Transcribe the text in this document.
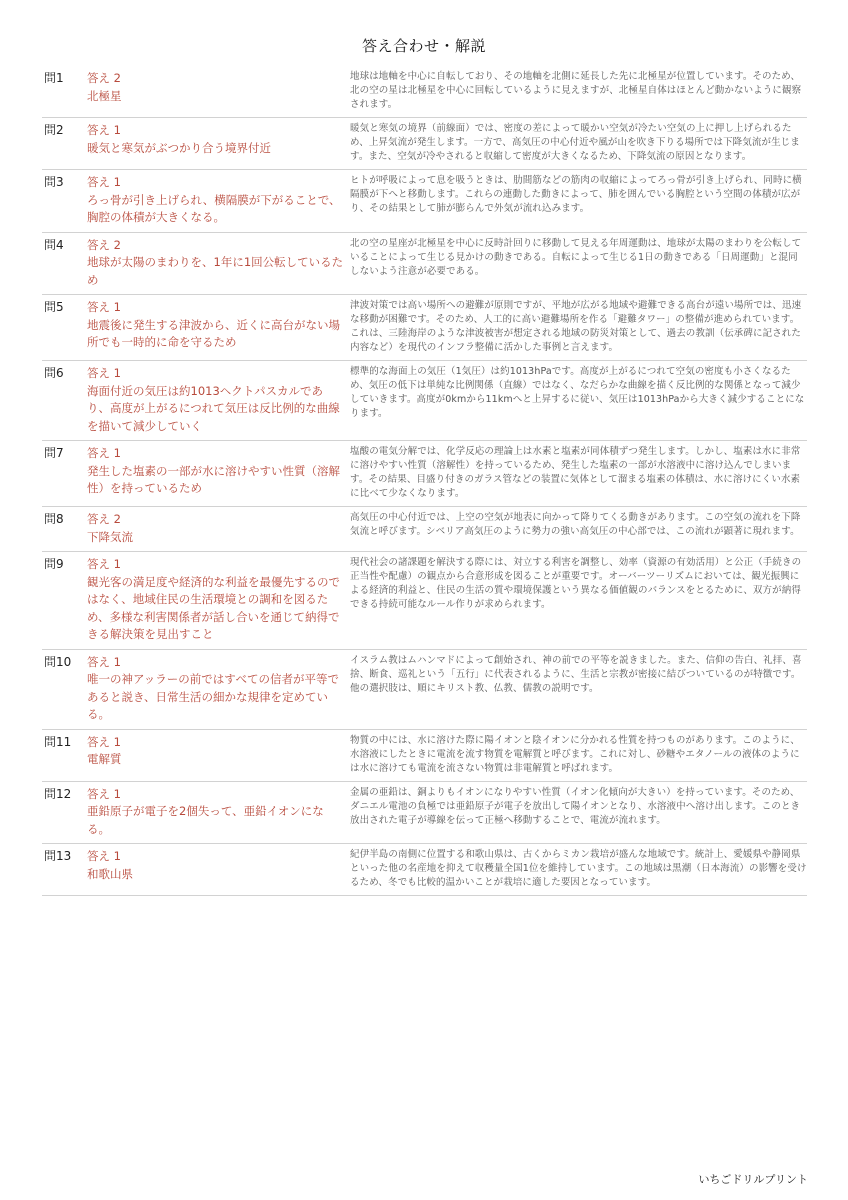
答え合わせ・解説
問1	答え 2
北極星
地球は地軸を中心に自転しており、その地軸を北側に延長した先に北極星が位置しています。そのため、北の空の星は北極星を中心に回転しているように見えますが、北極星自体はほとんど動かないように観察されます。
問2	答え 1
暖気と寒気がぶつかり合う境界付近
暖気と寒気の境界（前線面）では、密度の差によって暖かい空気が冷たい空気の上に押し上げられるため、上昇気流が発生します。一方で、高気圧の中心付近や風が山を吹き下りる場所では下降気流が生じます。また、空気が冷やされると収縮して密度が大きくなるため、下降気流の原因となります。
問3	答え 1
ろっ骨が引き上げられ、横隔膜が下がることで、胸腔の体積が大きくなる。
ヒトが呼吸によって息を吸うときは、肋間筋などの筋肉の収縮によってろっ骨が引き上げられ、同時に横隔膜が下へと移動します。これらの連動した動きによって、肺を囲んでいる胸腔という空間の体積が広がり、その結果として肺が膨らんで外気が流れ込みます。
問4	答え 2
地球が太陽のまわりを、1年に1回公転しているため
北の空の星座が北極星を中心に反時計回りに移動して見える年周運動は、地球が太陽のまわりを公転していることによって生じる見かけの動きである。自転によって生じる1日の動きである「日周運動」と混同しないよう注意が必要である。
問5	答え 1
地震後に発生する津波から、近くに高台がない場所でも一時的に命を守るため
津波対策では高い場所への避難が原則ですが、平地が広がる地域や避難できる高台が遠い場所では、迅速な移動が困難です。そのため、人工的に高い避難場所を作る「避難タワー」の整備が進められています。これは、三陸海岸のような津波被害が想定される地域の防災対策として、過去の教訓（伝承碑に記された内容など）を現代のインフラ整備に活かした事例と言えます。
問6	答え 1
海面付近の気圧は約1013ヘクトパスカルであり、高度が上がるにつれて気圧は反比例的な曲線を描いて減少していく
標準的な海面上の気圧（1気圧）は約1013hPaです。高度が上がるにつれて空気の密度も小さくなるため、気圧の低下は単純な比例関係（直線）ではなく、なだらかな曲線を描く反比例的な関係となって減少していきます。高度が0kmから11kmへと上昇するに従い、気圧は1013hPaから大きく減少することになります。
問7	答え 1
発生した塩素の一部が水に溶けやすい性質（溶解性）を持っているため
塩酸の電気分解では、化学反応の理論上は水素と塩素が同体積ずつ発生します。しかし、塩素は水に非常に溶けやすい性質（溶解性）を持っているため、発生した塩素の一部が水溶液中に溶け込んでしまいます。その結果、目盛り付きのガラス管などの装置に気体として溜まる塩素の体積は、水に溶けにくい水素に比べて少なくなります。
問8	答え 2
下降気流
高気圧の中心付近では、上空の空気が地表に向かって降りてくる動きがあります。この空気の流れを下降気流と呼びます。シベリア高気圧のように勢力の強い高気圧の中心部では、この流れが顕著に現れます。
問9	答え 1
観光客の満足度や経済的な利益を最優先するのではなく、地域住民の生活環境との調和を図るため、多様な利害関係者が話し合いを通じて納得できる解決策を見出すこと
現代社会の諸課題を解決する際には、対立する利害を調整し、効率（資源の有効活用）と公正（手続きの正当性や配慮）の観点から合意形成を図ることが重要です。オーバーツーリズムにおいては、観光振興による経済的利益と、住民の生活の質や環境保護という異なる価値観のバランスをとるために、双方が納得できる持続可能なルール作りが求められます。
問10 答え 1
唯一の神アッラーの前ではすべての信者が平等であると説き、日常生活の細かな規律を定めている。
イスラム教はムハンマドによって創始され、神の前での平等を説きました。また、信仰の告白、礼拝、喜捨、断食、巡礼という「五行」に代表されるように、生活と宗教が密接に結びついているのが特徴です。他の選択肢は、順にキリスト教、仏教、儒教の説明です。
問11 答え 1
電解質
物質の中には、水に溶けた際に陽イオンと陰イオンに分かれる性質を持つものがあります。このように、水溶液にしたときに電流を流す物質を電解質と呼びます。これに対し、砂糖やエタノールの液体のようには水に溶けても電流を流さない物質は非電解質と呼ばれます。
問12 答え 1
亜鉛原子が電子を2個失って、亜鉛イオンになる。
金属の亜鉛は、銅よりもイオンになりやすい性質（イオン化傾向が大きい）を持っています。そのため、ダニエル電池の負極では亜鉛原子が電子を放出して陽イオンとなり、水溶液中へ溶け出します。このとき放出された電子が導線を伝って正極へ移動することで、電流が流れます。
問13 答え 1
和歌山県
紀伊半島の南側に位置する和歌山県は、古くからミカン栽培が盛んな地域です。統計上、愛媛県や静岡県といった他の名産地を抑えて収穫量全国1位を維持しています。この地域は黒潮（日本海流）の影響を受けるため、冬でも比較的温かいことが栽培に適した要因となっています。
いちごドリルプリント
